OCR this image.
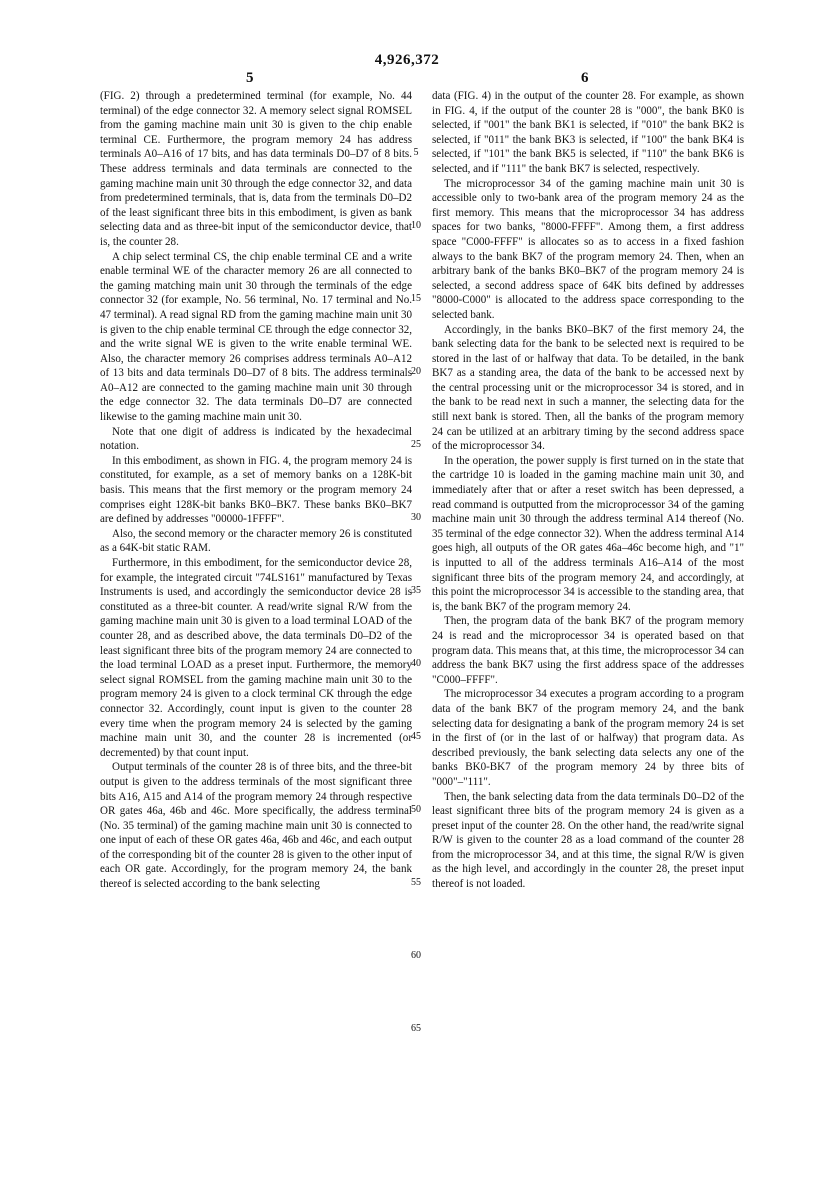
4,926,372
5	6

(FIG. 2) through a predetermined terminal (for example, No. 44 terminal) of the edge connector 32. A memory select signal ROMSEL from the gaming machine main unit 30 is given to the chip enable terminal CE. Furthermore, the program memory 24 has address terminals A0–A16 of 17 bits, and has data terminals D0–D7 of 8 bits. These address terminals and data terminals are connected to the gaming machine main unit 30 through the edge connector 32, and data from predetermined terminals, that is, data from the terminals D0–D2 of the least significant three bits in this embodiment, is given as bank selecting data and as three-bit input of the semiconductor device, that is, the counter 28.

A chip select terminal CS, the chip enable terminal CE and a write enable terminal WE of the character memory 26 are all connected to the gaming matching main unit 30 through the terminals of the edge connector 32 (for example, No. 56 terminal, No. 17 terminal and No. 47 terminal). A read signal RD from the gaming machine main unit 30 is given to the chip enable terminal CE through the edge connector 32, and the write signal WE is given to the write enable terminal WE. Also, the character memory 26 comprises address terminals A0–A12 of 13 bits and data terminals D0–D7 of 8 bits. The address terminals A0–A12 are connected to the gaming machine main unit 30 through the edge connector 32. The data terminals D0–D7 are connected likewise to the gaming machine main unit 30.

Note that one digit of address is indicated by the hexadecimal notation.

In this embodiment, as shown in FIG. 4, the program memory 24 is constituted, for example, as a set of memory banks on a 128K-bit basis. This means that the first memory or the program memory 24 comprises eight 128K-bit banks BK0–BK7. These banks BK0–BK7 are defined by addresses "00000-1FFFF".

Also, the second memory or the character memory 26 is constituted as a 64K-bit static RAM.

Furthermore, in this embodiment, for the semiconductor device 28, for example, the integrated circuit "74LS161" manufactured by Texas Instruments is used, and accordingly the semiconductor device 28 is constituted as a three-bit counter. A read/write signal R/W from the gaming machine main unit 30 is given to a load terminal LOAD of the counter 28, and as described above, the data terminals D0–D2 of the least significant three bits of the program memory 24 are connected to the load terminal LOAD as a preset input. Furthermore, the memory select signal ROMSEL from the gaming machine main unit 30 to the program memory 24 is given to a clock terminal CK through the edge connector 32. Accordingly, count input is given to the counter 28 every time when the program memory 24 is selected by the gaming machine main unit 30, and the counter 28 is incremented (or decremented) by that count input.

Output terminals of the counter 28 is of three bits, and the three-bit output is given to the address terminals of the most significant three bits A16, A15 and A14 of the program memory 24 through respective OR gates 46a, 46b and 46c. More specifically, the address terminal (No. 35 terminal) of the gaming machine main unit 30 is connected to one input of each of these OR gates 46a, 46b and 46c, and each output of the corresponding bit of the counter 28 is given to the other input of each OR gate. Accordingly, for the program memory 24, the bank thereof is selected according to the bank selecting

5
10
15
20
25
30
35
40
45
50
55
60
65

data (FIG. 4) in the output of the counter 28. For example, as shown in FIG. 4, if the output of the counter 28 is "000", the bank BK0 is selected, if "001" the bank BK1 is selected, if "010" the bank BK2 is selected, if "011" the bank BK3 is selected, if "100" the bank BK4 is selected, if "101" the bank BK5 is selected, if "110" the bank BK6 is selected, and if "111" the bank BK7 is selected, respectively.

The microprocessor 34 of the gaming machine main unit 30 is accessible only to two-bank area of the program memory 24 as the first memory. This means that the microprocessor 34 has address spaces for two banks, "8000-FFFF". Among them, a first address space "C000-FFFF" is allocates so as to access in a fixed fashion always to the bank BK7 of the program memory 24. Then, when an arbitrary bank of the banks BK0–BK7 of the program memory 24 is selected, a second address space of 64K bits defined by addresses "8000-C000" is allocated to the address space corresponding to the selected bank.

Accordingly, in the banks BK0–BK7 of the first memory 24, the bank selecting data for the bank to be selected next is required to be stored in the last of or halfway that data. To be detailed, in the bank BK7 as a standing area, the data of the bank to be accessed next by the central processing unit or the microprocessor 34 is stored, and in the bank to be read next in such a manner, the selecting data for the still next bank is stored. Then, all the banks of the program memory 24 can be utilized at an arbitrary timing by the second address space of the microprocessor 34.

In the operation, the power supply is first turned on in the state that the cartridge 10 is loaded in the gaming machine main unit 30, and immediately after that or after a reset switch has been depressed, a read command is outputted from the microprocessor 34 of the gaming machine main unit 30 through the address terminal A14 thereof (No. 35 terminal of the edge connector 32). When the address terminal A14 goes high, all outputs of the OR gates 46a–46c become high, and "1" is inputted to all of the address terminals A16–A14 of the most significant three bits of the program memory 24, and accordingly, at this point the microprocessor 34 is accessible to the standing area, that is, the bank BK7 of the program memory 24.

Then, the program data of the bank BK7 of the program memory 24 is read and the microprocessor 34 is operated based on that program data. This means that, at this time, the microprocessor 34 can address the bank BK7 using the first address space of the addresses "C000–FFFF".

The microprocessor 34 executes a program according to a program data of the bank BK7 of the program memory 24, and the bank selecting data for designating a bank of the program memory 24 is set in the first of (or in the last of or halfway) that program data. As described previously, the bank selecting data selects any one of the banks BK0-BK7 of the program memory 24 by three bits of "000"–"111".

Then, the bank selecting data from the data terminals D0–D2 of the least significant three bits of the program memory 24 is given as a preset input of the counter 28. On the other hand, the read/write signal R/W is given to the counter 28 as a load command of the counter 28 from the microprocessor 34, and at this time, the signal R/W is given as the high level, and accordingly in the counter 28, the preset input thereof is not loaded.
